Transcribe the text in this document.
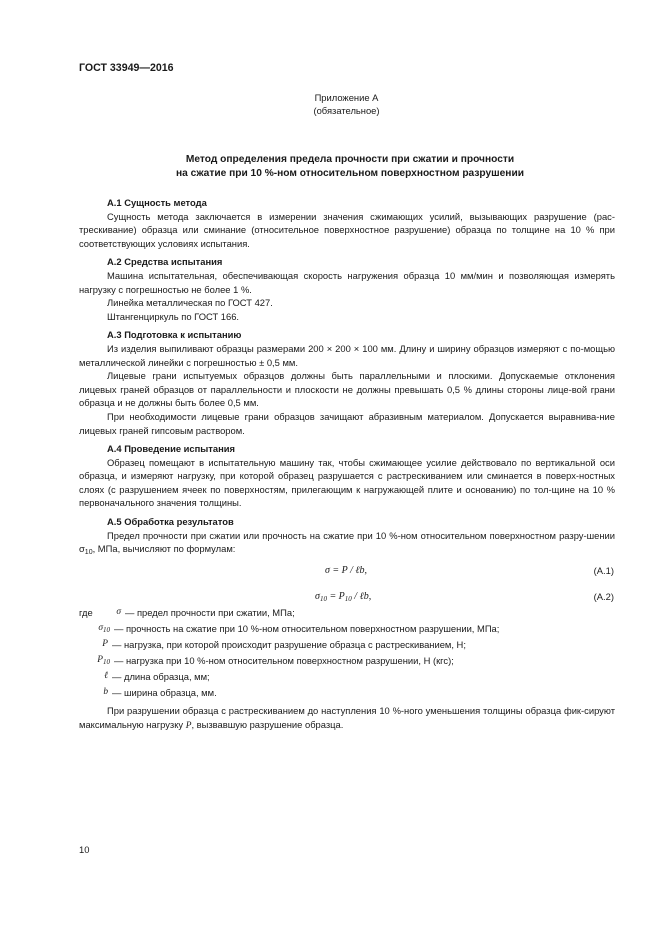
ГОСТ 33949—2016
Приложение А
(обязательное)
Метод определения предела прочности при сжатии и прочности
на сжатие при 10 %-ном относительном поверхностном разрушении

А.1 Сущность метода

Сущность метода заключается в измерении значения сжимающих усилий, вызывающих разрушение (рас-трескивание) образца или сминание (относительное поверхностное разрушение) образца по толщине на 10 % при соответствующих условиях испытания.

А.2 Средства испытания

Машина испытательная, обеспечивающая скорость нагружения образца 10 мм/мин и позволяющая измерять нагрузку с погрешностью не более 1 %.

Линейка металлическая по ГОСТ 427.

Штангенциркуль по ГОСТ 166.

А.3 Подготовка к испытанию

Из изделия выпиливают образцы размерами 200 × 200 × 100 мм. Длину и ширину образцов измеряют с по-мощью металлической линейки с погрешностью ± 0,5 мм.

Лицевые грани испытуемых образцов должны быть параллельными и плоскими. Допускаемые отклонения лицевых граней образцов от параллельности и плоскости не должны превышать 0,5 % длины стороны лице-вой грани образца и не должны быть более 0,5 мм.

При необходимости лицевые грани образцов зачищают абразивным материалом. Допускается выравнива-ние лицевых граней гипсовым раствором.

А.4 Проведение испытания

Образец помещают в испытательную машину так, чтобы сжимающее усилие действовало по вертикальной оси образца, и измеряют нагрузку, при которой образец разрушается с растрескиванием или сминается в поверх-ностных слоях (с разрушением ячеек по поверхностям, прилегающим к нагружающей плите и основанию) по тол-щине на 10 % первоначального значения толщины.

А.5 Обработка результатов

Предел прочности при сжатии или прочность на сжатие при 10 %-ном относительном поверхностном разру-шении $\sigma_{10}$, МПа, вычисляют по формулам:

σ = P / ℓb,	(А.1)
$\sigma_{10} = P_{10}$ / ℓb,	(А.2)
где	σ — предел прочности при сжатии, МПа;
$\sigma_{10}$ — прочность на сжатие при 10 %-ном относительном поверхностном разрушении, МПа;
P — нагрузка, при которой происходит разрушение образца с растрескиванием, Н;
$P_{10}$ — нагрузка при 10 %-ном относительном поверхностном разрушении, Н (кгс);
ℓ — длина образца, мм;
b — ширина образца, мм.

При разрушении образца с растрескиванием до наступления 10 %-ного уменьшения толщины образца фик-сируют максимальную нагрузку P, вызвавшую разрушение образца.

10
